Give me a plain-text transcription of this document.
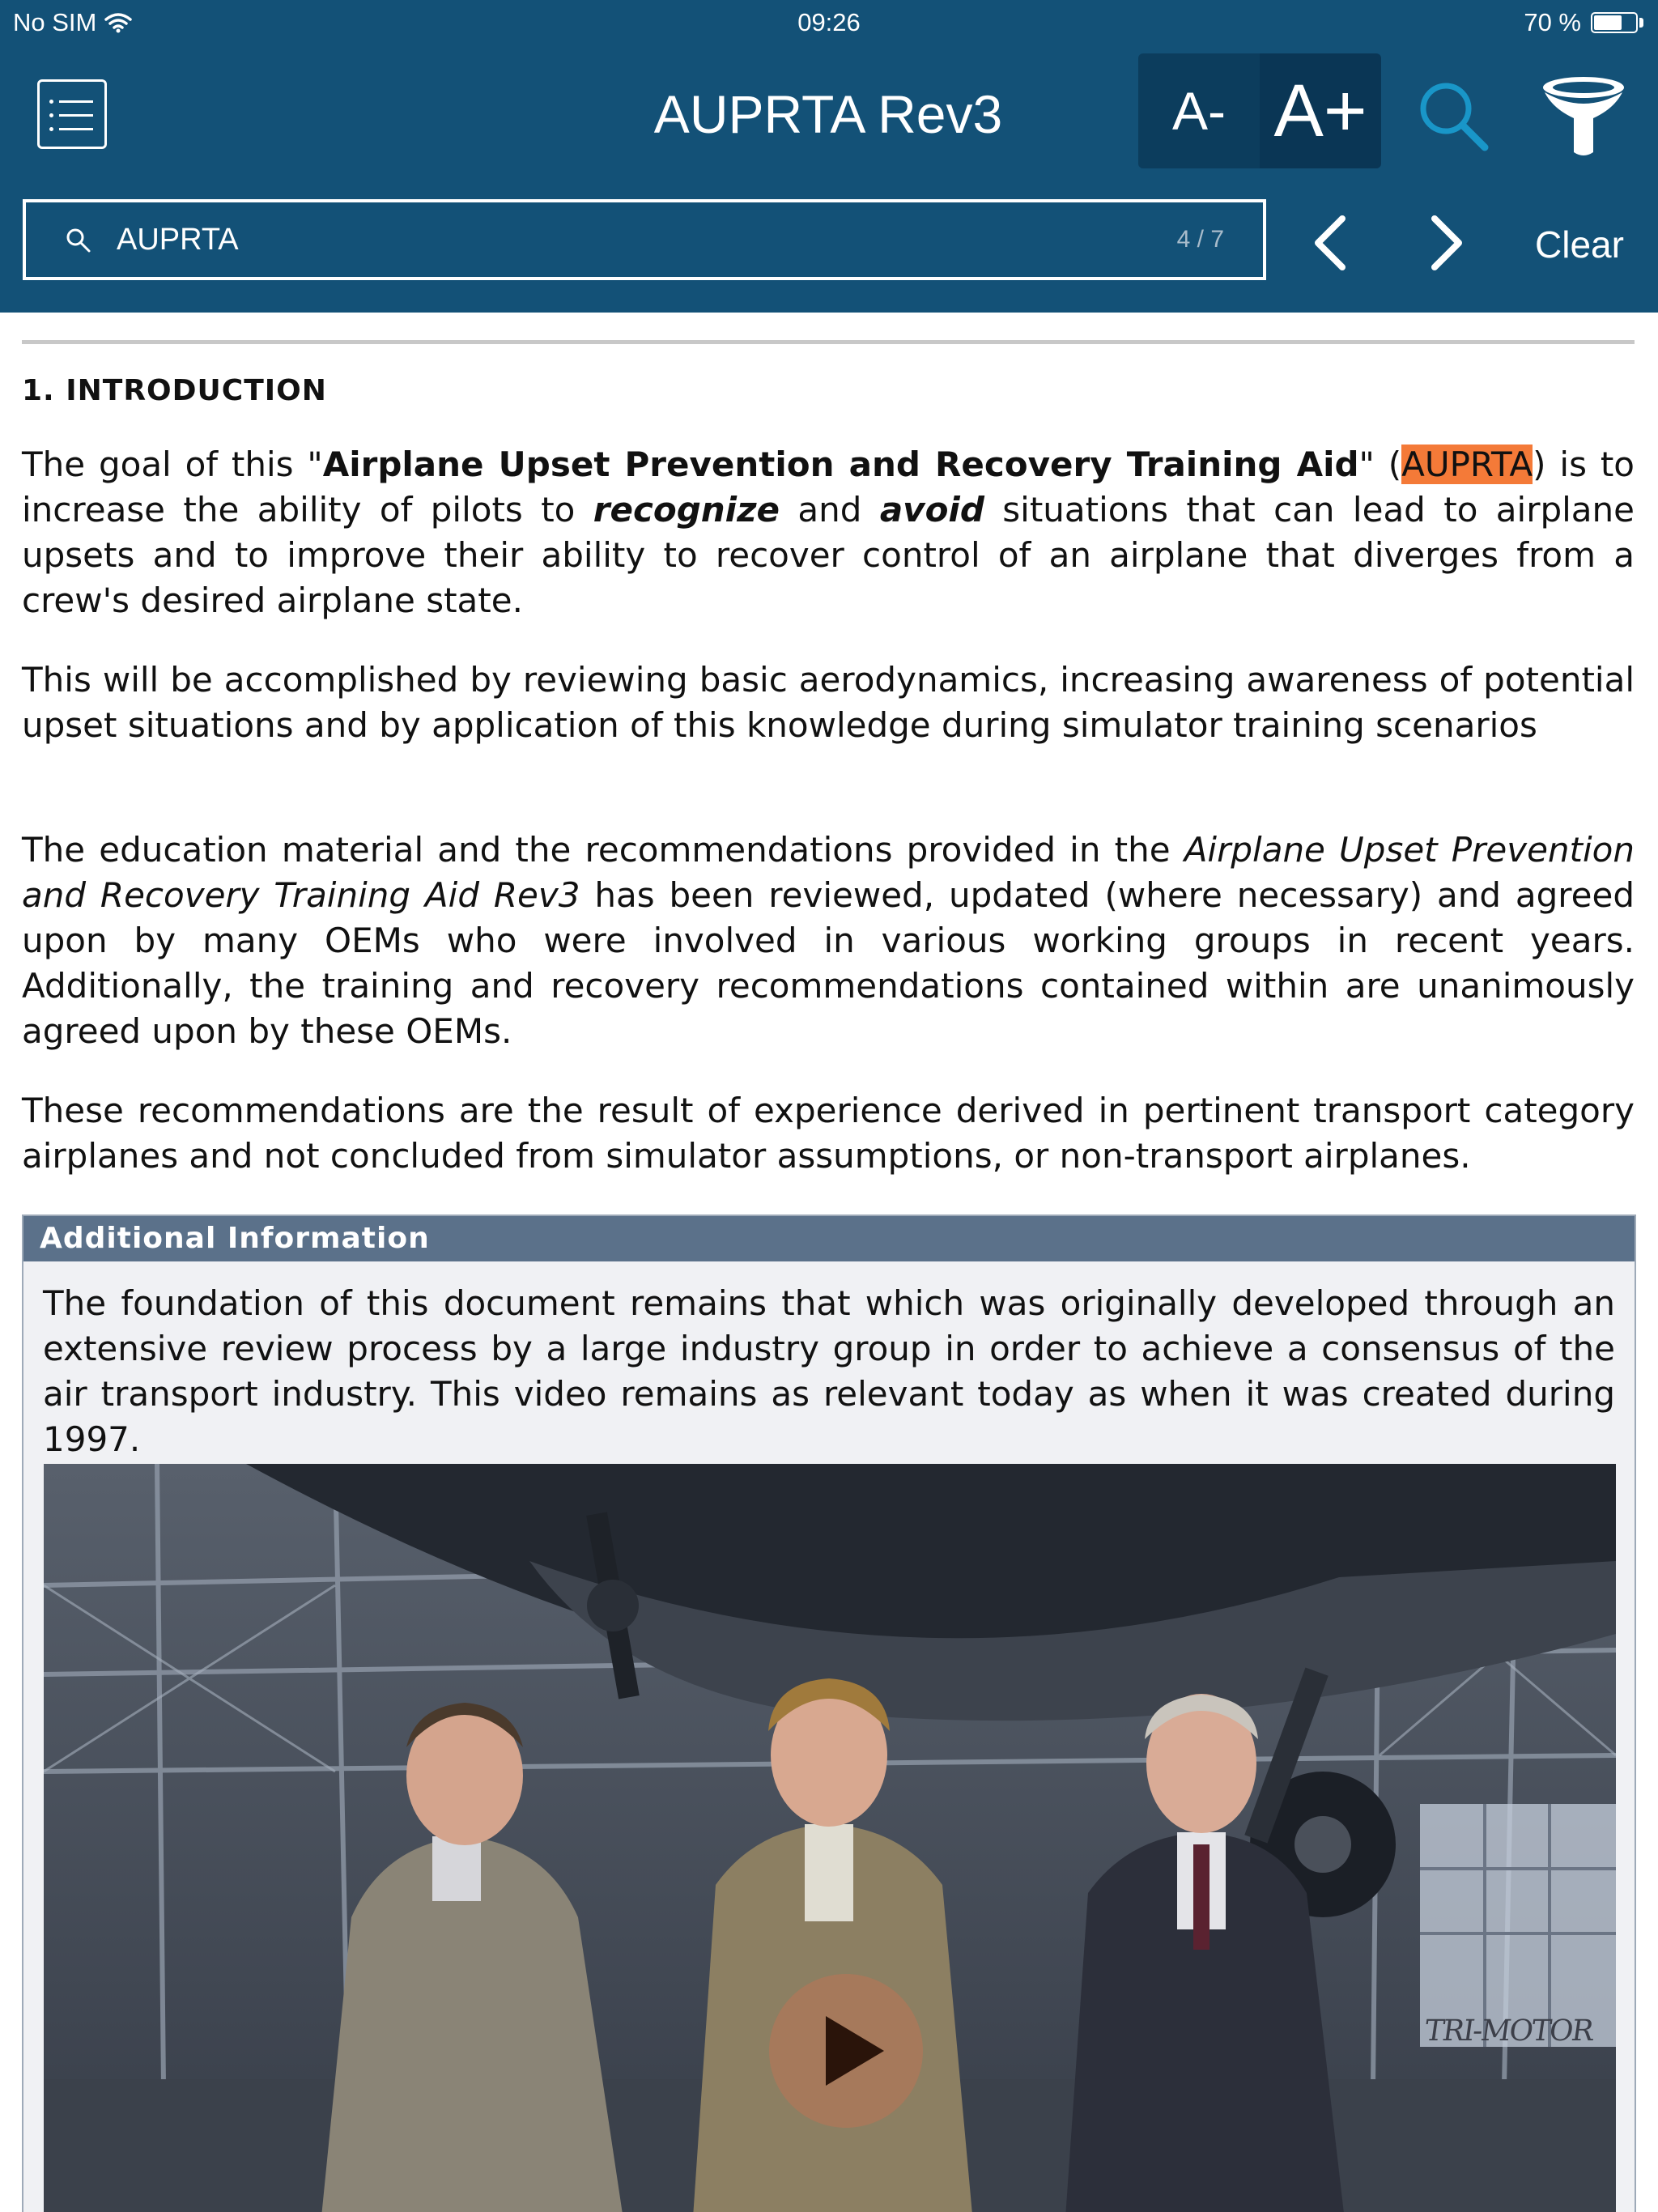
No SIM	09:26	70 %
AUPRTA Rev3	A- A+
AUPRTA
4 / 7	Clear
1. INTRODUCTION

The goal of this "Airplane Upset Prevention and Recovery Training Aid" (AUPRTA) is to increase the ability of pilots to recognize and avoid situations that can lead to airplane upsets and to improve their ability to recover control of an airplane that diverges from a crew's desired airplane state.

This will be accomplished by reviewing basic aerodynamics, increasing awareness of potential upset situations and by application of this knowledge during simulator training scenarios

The education material and the recommendations provided in the Airplane Upset Prevention and Recovery Training Aid Rev3 has been reviewed, updated (where necessary) and agreed upon by many OEMs who were involved in various working groups in recent years. Additionally, the training and recovery recommendations contained within are unanimously agreed upon by these OEMs.

These recommendations are the result of experience derived in pertinent transport category airplanes and not concluded from simulator assumptions, or non-transport airplanes.

Additional Information

The foundation of this document remains that which was originally developed through an extensive review process by a large industry group in order to achieve a consensus of the air transport industry. This video remains as relevant today as when it was created during 1997.

TRI-MOTOR
